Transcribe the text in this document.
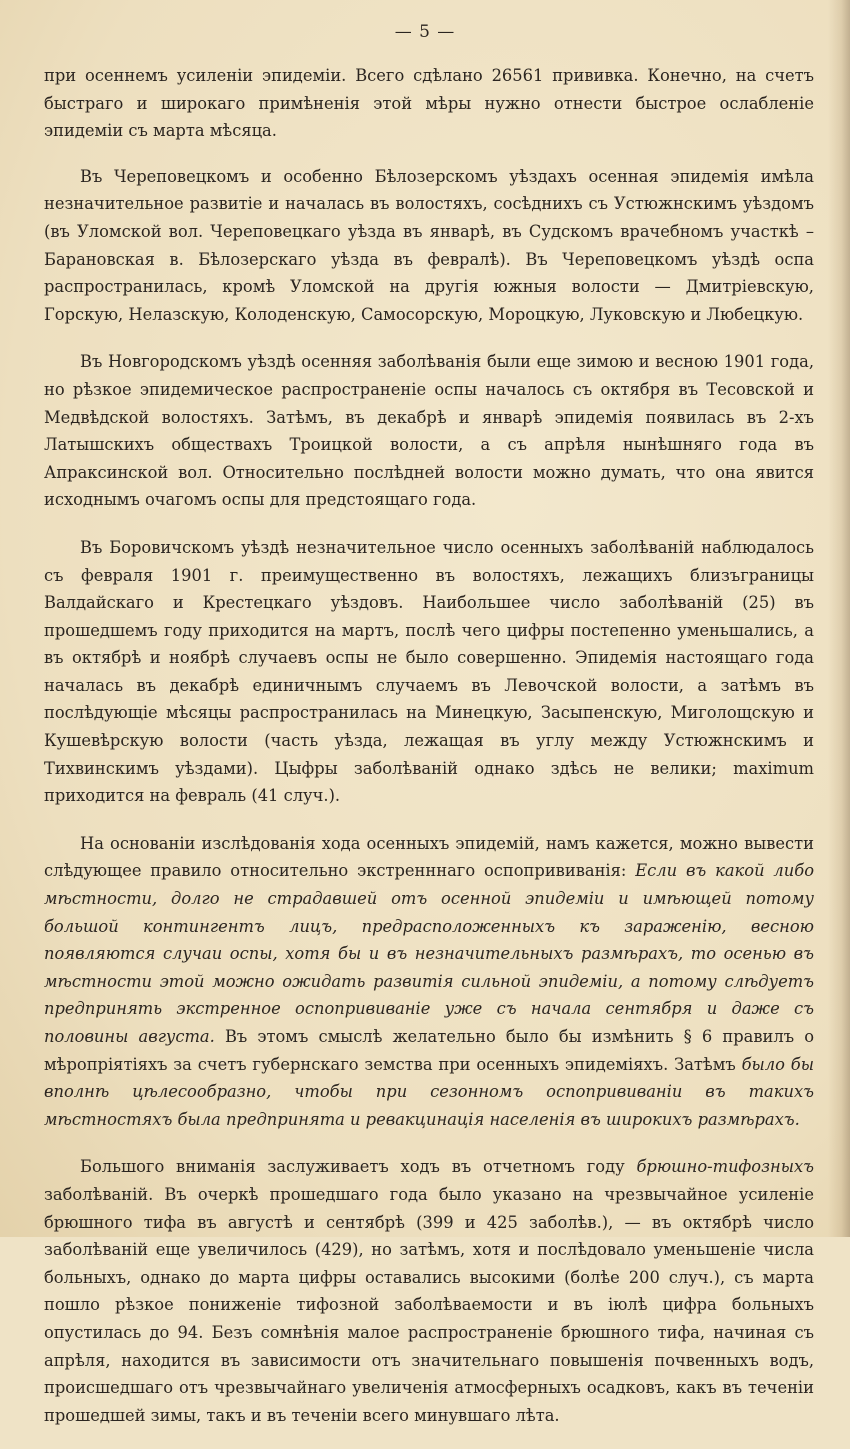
— 5 —

при осеннемъ усиленіи эпидеміи. Всего сдѣлано 26561 прививка. Конечно, на счетъ быстраго и широкаго примѣненія этой мѣры нужно отнести быстрое ослабленіе эпидеміи съ марта мѣсяца.

Въ Череповецкомъ и особенно Бѣлозерскомъ уѣздахъ осенная эпидемія имѣла незначительное развитіе и началась въ волостяхъ, сосѣднихъ съ Устюжнскимъ уѣздомъ (въ Уломской вол. Череповецкаго уѣзда въ январѣ, въ Судскомъ врачебномъ участкѣ – Барановская в. Бѣлозерскаго уѣзда въ февралѣ). Въ Череповецкомъ уѣздѣ оспа распространилась, кромѣ Уломской на другія южныя волости — Дмитріевскую, Горскую, Нелазскую, Колоденскую, Самосорскую, Мороцкую, Луковскую и Любецкую.

Въ Новгородскомъ уѣздѣ осенняя заболѣванія были еще зимою и весною 1901 года, но рѣзкое эпидемическое распространеніе оспы началось съ октября въ Тесовской и Медвѣдской волостяхъ. Затѣмъ, въ декабрѣ и январѣ эпидемія появилась въ 2-хъ Латышскихъ обществахъ Троицкой волости, а съ апрѣля нынѣшняго года въ Апраксинской вол. Относительно послѣдней волости можно думать, что она явится исходнымъ очагомъ оспы для предстоящаго года.

Въ Боровичскомъ уѣздѣ незначительное число осенныхъ заболѣваній наблюдалось съ февраля 1901 г. преимущественно въ волостяхъ, лежащихъ близъграницы Валдайскаго и Крестецкаго уѣздовъ. Наибольшее число заболѣваній (25) въ прошедшемъ году приходится на мартъ, послѣ чего цифры постепенно уменьшались, а въ октябрѣ и ноябрѣ случаевъ оспы не было совершенно. Эпидемія настоящаго года началась въ декабрѣ единичнымъ случаемъ въ Левочской волости, а затѣмъ въ послѣдующіе мѣсяцы распространилась на Минецкую, Засыпенскую, Миголощскую и Кушевѣрскую волости (часть уѣзда, лежащая въ углу между Устюжнскимъ и Тихвинскимъ уѣздами). Цыфры заболѣваній однако здѣсь не велики; maximum приходится на февраль (41 случ.).

На основаніи изслѣдованія хода осенныхъ эпидемій, намъ кажется, можно вывести слѣдующее правило относительно экстренннаго оспопрививанія: Если въ какой либо мѣстности, долго не страдавшей отъ осенной эпидеміи и имѣющей потому большой контингентъ лицъ, предрасположенныхъ къ зараженію, весною появляются случаи оспы, хотя бы и въ незначительныхъ размѣрахъ, то осенью въ мѣстности этой можно ожидать развитія сильной эпидеміи, а потому слѣдуетъ предпринять экстренное оспопрививаніе уже съ начала сентября и даже съ половины августа. Въ этомъ смыслѣ желательно было бы измѣнить § 6 правилъ о мѣропріятіяхъ за счетъ губернскаго земства при осенныхъ эпидеміяхъ. Затѣмъ было бы вполнѣ цѣлесообразно, чтобы при сезонномъ оспопрививаніи въ такихъ мѣстностяхъ была предпринята и ревакцинація населенія въ широкихъ размѣрахъ.

Большого вниманія заслуживаетъ ходъ въ отчетномъ году брюшно-тифозныхъ заболѣваній. Въ очеркѣ прошедшаго года было указано на чрезвычайное усиленіе брюшного тифа въ августѣ и сентябрѣ (399 и 425 заболѣв.), — въ октябрѣ число заболѣваній еще увеличилось (429), но затѣмъ, хотя и послѣдовало уменьшеніе числа больныхъ, однако до марта цифры оставались высокими (болѣе 200 случ.), съ марта пошло рѣзкое пониженіе тифозной заболѣваемости и въ іюлѣ цифра больныхъ опустилась до 94. Безъ сомнѣнія малое распространеніе брюшного тифа, начиная съ апрѣля, находится въ зависимости отъ значительнаго повышенія почвенныхъ водъ, происшедшаго отъ чрезвычайнаго увеличенія атмосферныхъ осадковъ, какъ въ теченіи прошедшей зимы, такъ и въ теченіи всего минувшаго лѣта.
